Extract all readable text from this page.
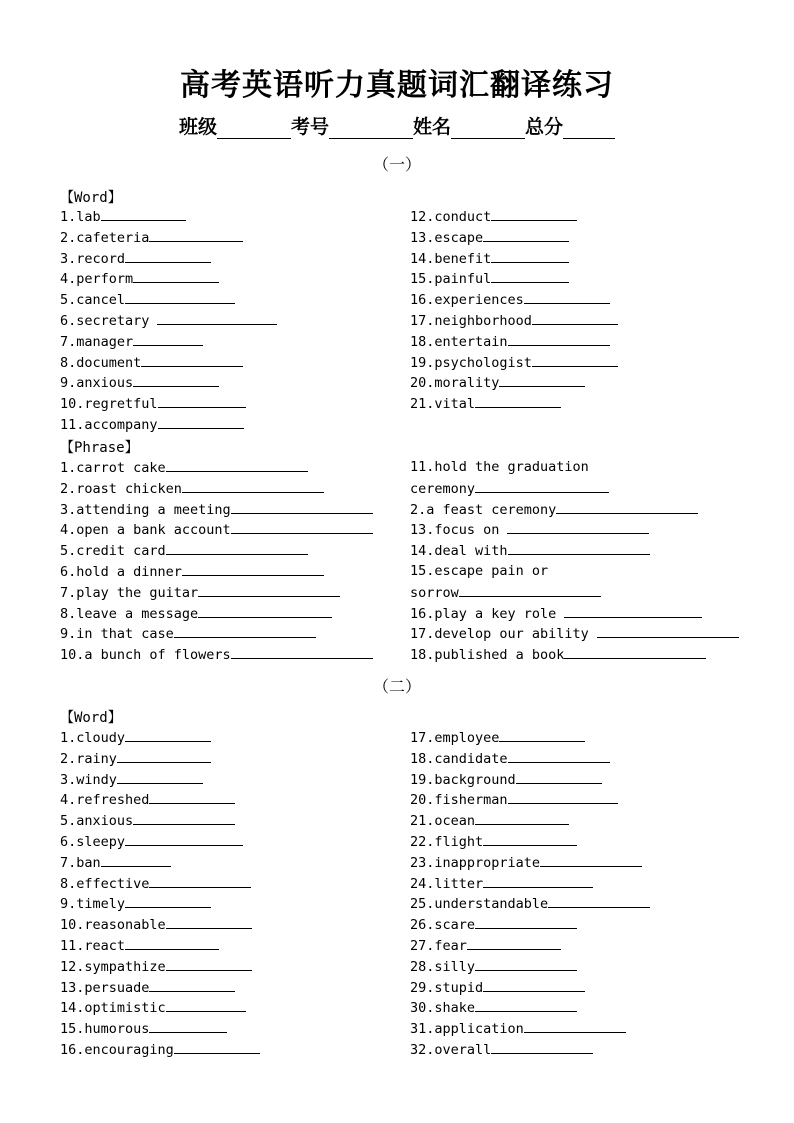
高考英语听力真题词汇翻译练习
班级	考号	姓名	总分
（一）
【Word】
1.lab
2.cafeteria
3.record
4.perform
5.cancel
6.secretary
7.manager
8.document
9.anxious
10.regretful
11.accompany
12.conduct
13.escape
14.benefit
15.painful
16.experiences
17.neighborhood
18.entertain
19.psychologist
20.morality
21.vital
【Phrase】
1.carrot cake
2.roast chicken
3.attending a meeting
4.open a bank account
5.credit card
6.hold a dinner
7.play the guitar
8.leave a message
9.in that case
10.a bunch of flowers
11.hold the graduation
ceremony
2.a feast ceremony
13.focus on
14.deal with
15.escape pain or
sorrow
16.play a key role
17.develop our ability
18.published a book
（二）
【Word】
1.cloudy
2.rainy
3.windy
4.refreshed
5.anxious
6.sleepy
7.ban
8.effective
9.timely
10.reasonable
11.react
12.sympathize
13.persuade
14.optimistic
15.humorous
16.encouraging
17.employee
18.candidate
19.background
20.fisherman
21.ocean
22.flight
23.inappropriate
24.litter
25.understandable
26.scare
27.fear
28.silly
29.stupid
30.shake
31.application
32.overall
